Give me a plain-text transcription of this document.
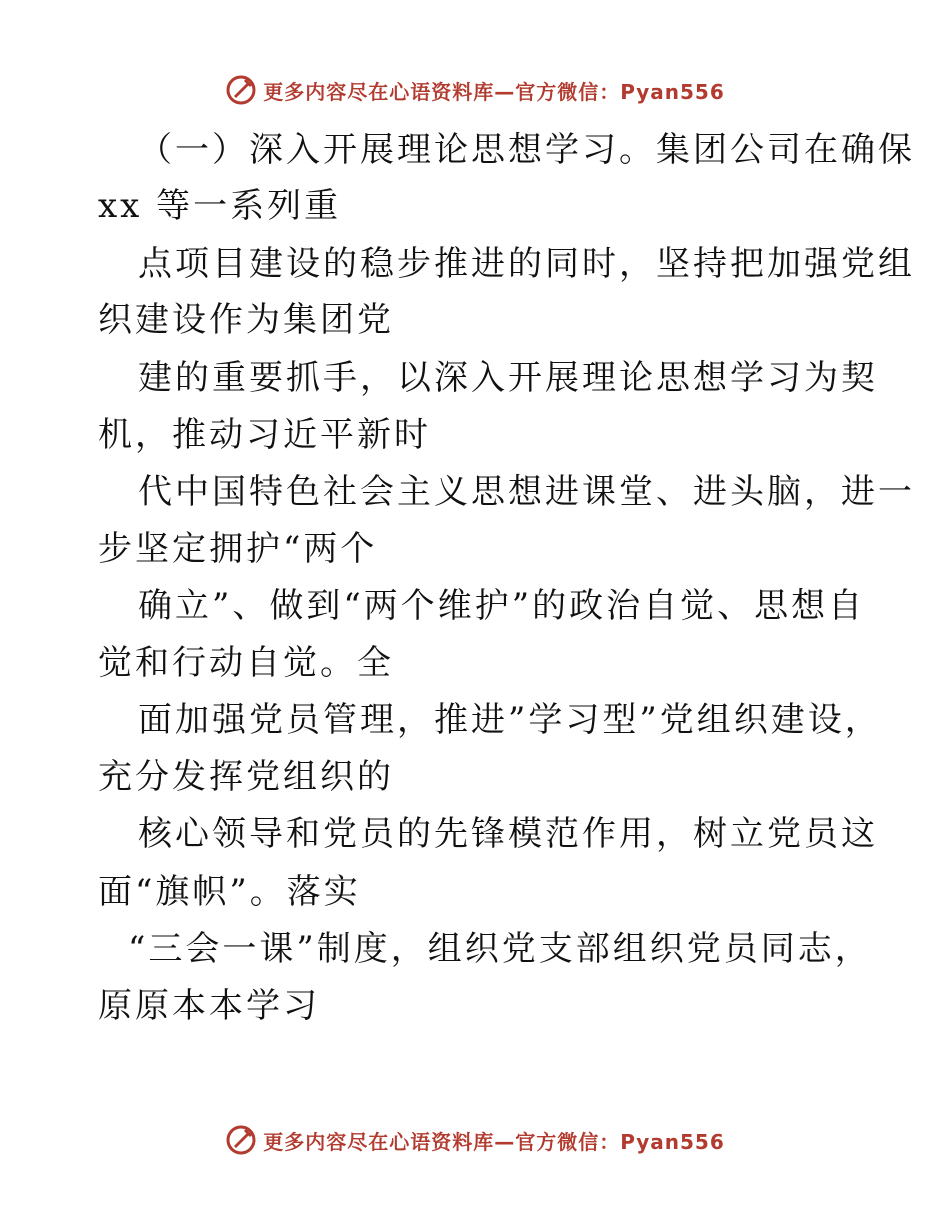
更多内容尽在心语资料库—官方微信：Pyan556
（一）深入开展理论思想学习。集团公司在确保
xx 等一系列重
点项目建设的稳步推进的同时，坚持把加强党组
织建设作为集团党
建的重要抓手，以深入开展理论思想学习为契
机，推动习近平新时
代中国特色社会主义思想进课堂、进头脑，进一
步坚定拥护“两个
确立”、做到“两个维护”的政治自觉、思想自
觉和行动自觉。全
面加强党员管理，推进”学习型”党组织建设，
充分发挥党组织的
核心领导和党员的先锋模范作用，树立党员这
面“旗帜”。落实
“三会一课”制度，组织党支部组织党员同志，
原原本本学习
更多内容尽在心语资料库—官方微信：Pyan556
